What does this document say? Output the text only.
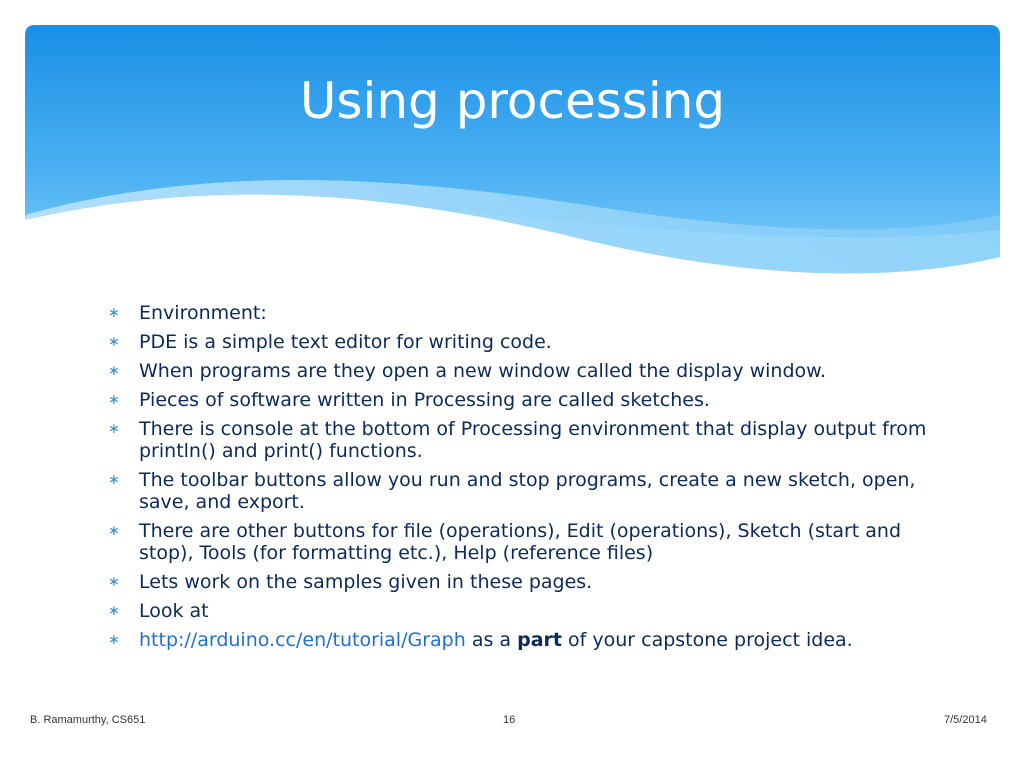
Using processing
∗ Environment:
∗ PDE is a simple text editor for writing code.
∗ When programs are they open a new window called the display window.
∗ Pieces of software written in Processing are called sketches.
∗ There is console at the bottom of Processing environment that display output from println() and print() functions.
∗ The toolbar buttons allow you run and stop programs, create a new sketch, open, save, and export.
∗ There are other buttons for file (operations), Edit (operations), Sketch (start and stop), Tools (for formatting etc.), Help (reference files)
∗ Lets work on the samples given in these pages.
∗ Look at
∗ http://arduino.cc/en/tutorial/Graph as a part of your capstone project idea.
B. Ramamurthy, CS651	16	7/5/2014
